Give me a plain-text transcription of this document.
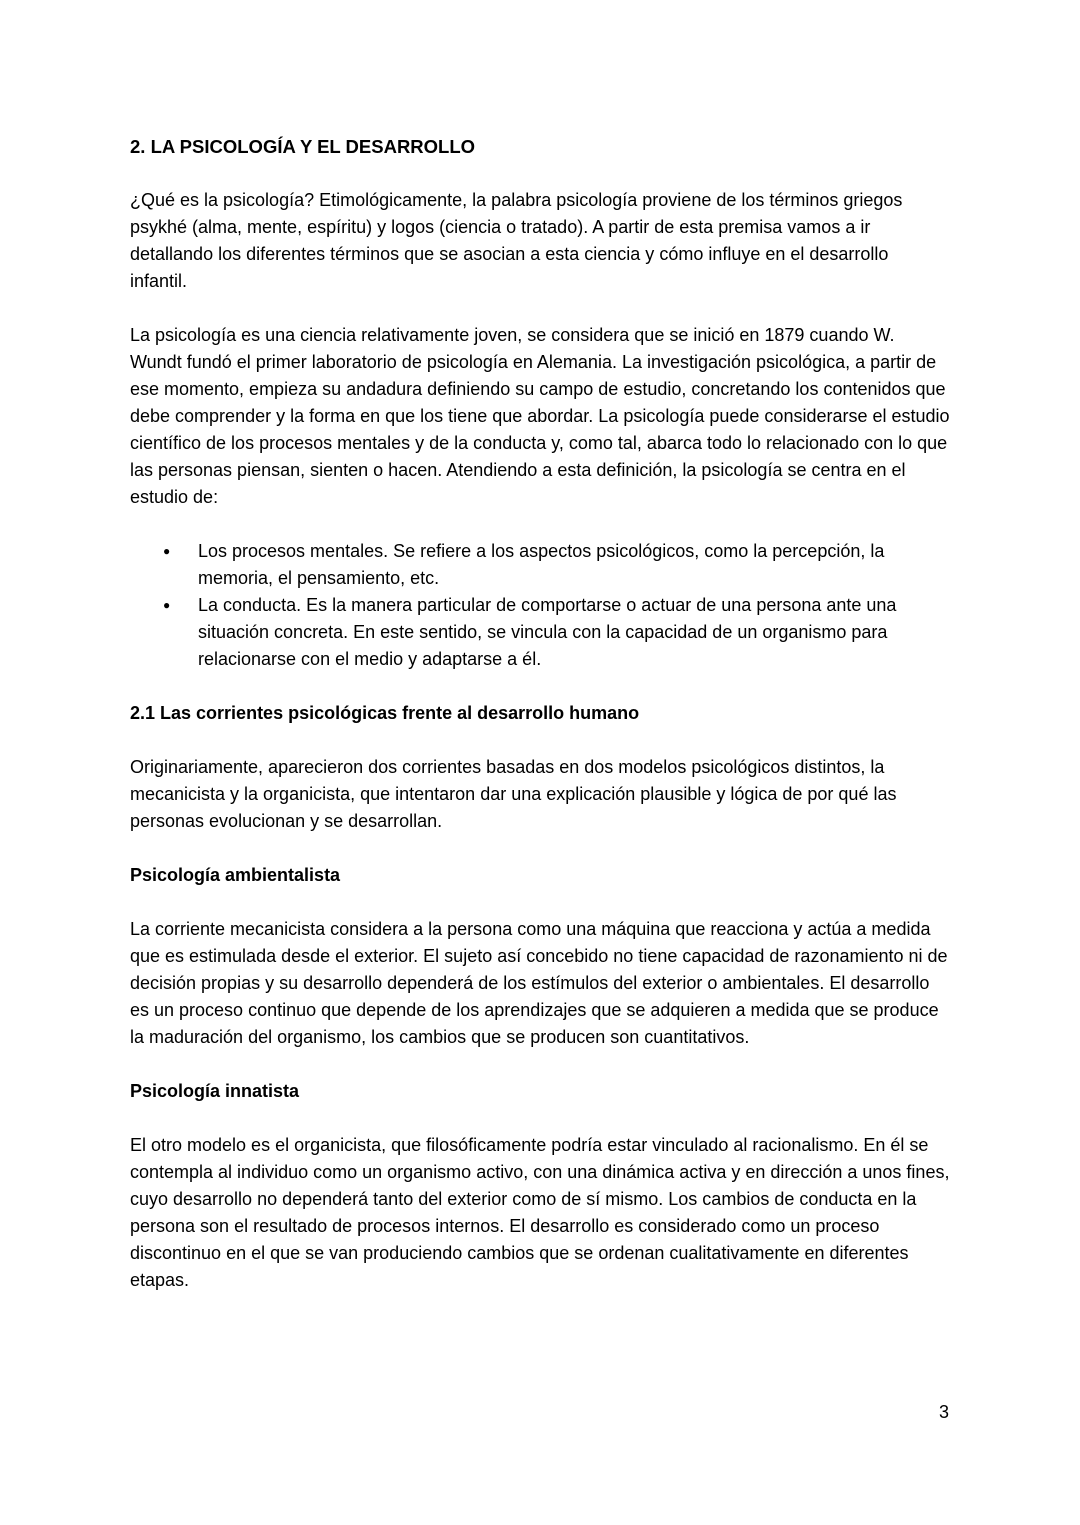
2. LA PSICOLOGÍA Y EL DESARROLLO

¿Qué es la psicología? Etimológicamente, la palabra psicología proviene de los términos griegos psykhé (alma, mente, espíritu) y logos (ciencia o tratado). A partir de esta premisa vamos a ir detallando los diferentes términos que se asocian a esta ciencia y cómo influye en el desarrollo infantil.

La psicología es una ciencia relativamente joven, se considera que se inició en 1879 cuando W. Wundt fundó el primer laboratorio de psicología en Alemania. La investigación psicológica, a partir de ese momento, empieza su andadura definiendo su campo de estudio, concretando los contenidos que debe comprender y la forma en que los tiene que abordar. La psicología puede considerarse el estudio científico de los procesos mentales y de la conducta y, como tal, abarca todo lo relacionado con lo que las personas piensan, sienten o hacen. Atendiendo a esta definición, la psicología se centra en el estudio de:

● Los procesos mentales. Se refiere a los aspectos psicológicos, como la percepción, la memoria, el pensamiento, etc.
● La conducta. Es la manera particular de comportarse o actuar de una persona ante una situación concreta. En este sentido, se vincula con la capacidad de un organismo para relacionarse con el medio y adaptarse a él.
2.1 Las corrientes psicológicas frente al desarrollo humano

Originariamente, aparecieron dos corrientes basadas en dos modelos psicológicos distintos, la mecanicista y la organicista, que intentaron dar una explicación plausible y lógica de por qué las personas evolucionan y se desarrollan.

Psicología ambientalista

La corriente mecanicista considera a la persona como una máquina que reacciona y actúa a medida que es estimulada desde el exterior. El sujeto así concebido no tiene capacidad de razonamiento ni de decisión propias y su desarrollo dependerá de los estímulos del exterior o ambientales. El desarrollo es un proceso continuo que depende de los aprendizajes que se adquieren a medida que se produce la maduración del organismo, los cambios que se producen son cuantitativos.

Psicología innatista

El otro modelo es el organicista, que filosóficamente podría estar vinculado al racionalismo. En él se contempla al individuo como un organismo activo, con una dinámica activa y en dirección a unos fines, cuyo desarrollo no dependerá tanto del exterior como de sí mismo. Los cambios de conducta en la persona son el resultado de procesos internos. El desarrollo es considerado como un proceso discontinuo en el que se van produciendo cambios que se ordenan cualitativamente en diferentes etapas.

3
